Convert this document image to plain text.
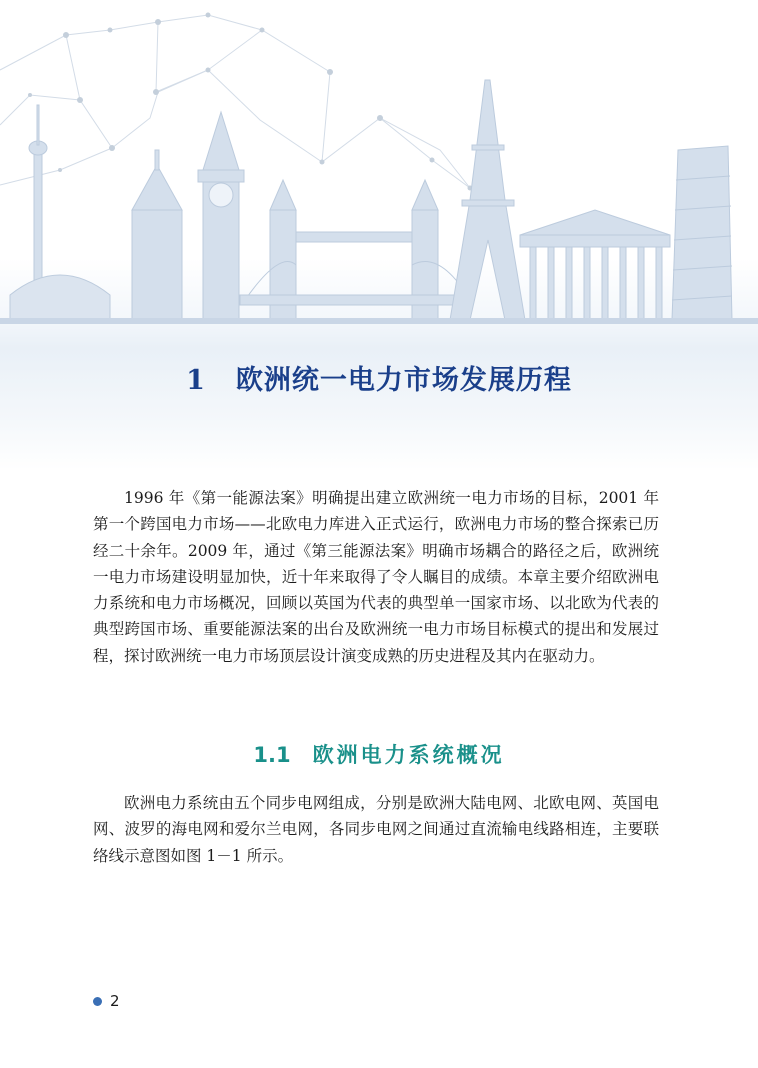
1 欧洲统一电力市场发展历程

1996 年《第一能源法案》明确提出建立欧洲统一电力市场的目标，2001 年第一个跨国电力市场——北欧电力库进入正式运行，欧洲电力市场的整合探索已历经二十余年。2009 年，通过《第三能源法案》明确市场耦合的路径之后，欧洲统一电力市场建设明显加快，近十年来取得了令人瞩目的成绩。本章主要介绍欧洲电力系统和电力市场概况，回顾以英国为代表的典型单一国家市场、以北欧为代表的典型跨国市场、重要能源法案的出台及欧洲统一电力市场目标模式的提出和发展过程，探讨欧洲统一电力市场顶层设计演变成熟的历史进程及其内在驱动力。

1.1 欧洲电力系统概况

欧洲电力系统由五个同步电网组成，分别是欧洲大陆电网、北欧电网、英国电网、波罗的海电网和爱尔兰电网，各同步电网之间通过直流输电线路相连，主要联络线示意图如图 1－1 所示。

2
